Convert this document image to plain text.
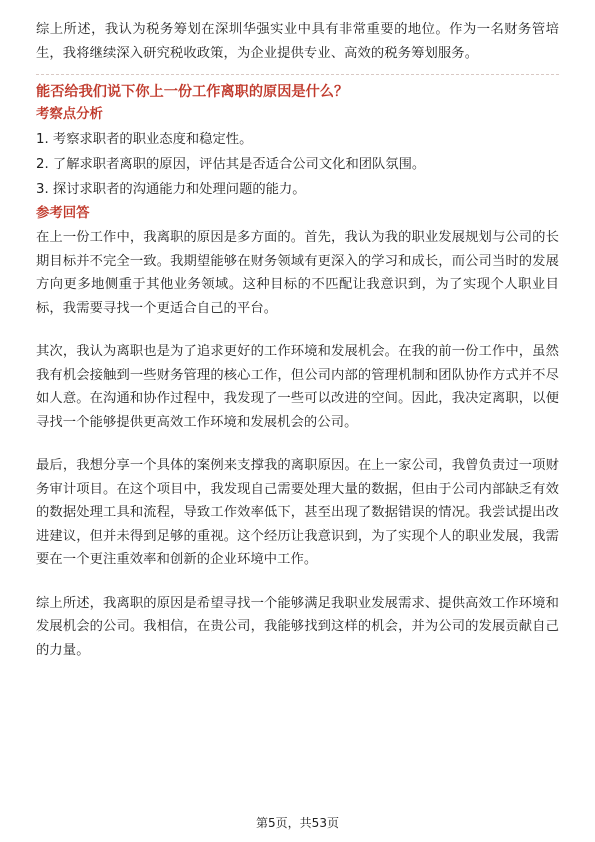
综上所述，我认为税务筹划在深圳华强实业中具有非常重要的地位。作为一名财务管培生，我将继续深入研究税收政策，为企业提供专业、高效的税务筹划服务。

能否给我们说下你上一份工作离职的原因是什么？

考察点分析

1. 考察求职者的职业态度和稳定性。
2. 了解求职者离职的原因，评估其是否适合公司文化和团队氛围。
3. 探讨求职者的沟通能力和处理问题的能力。

参考回答

在上一份工作中，我离职的原因是多方面的。首先，我认为我的职业发展规划与公司的长期目标并不完全一致。我期望能够在财务领域有更深入的学习和成长，而公司当时的发展方向更多地侧重于其他业务领域。这种目标的不匹配让我意识到，为了实现个人职业目标，我需要寻找一个更适合自己的平台。

其次，我认为离职也是为了追求更好的工作环境和发展机会。在我的前一份工作中，虽然我有机会接触到一些财务管理的核心工作，但公司内部的管理机制和团队协作方式并不尽如人意。在沟通和协作过程中，我发现了一些可以改进的空间。因此，我决定离职，以便寻找一个能够提供更高效工作环境和发展机会的公司。

最后，我想分享一个具体的案例来支撑我的离职原因。在上一家公司，我曾负责过一项财务审计项目。在这个项目中，我发现自己需要处理大量的数据，但由于公司内部缺乏有效的数据处理工具和流程，导致工作效率低下，甚至出现了数据错误的情况。我尝试提出改进建议，但并未得到足够的重视。这个经历让我意识到，为了实现个人的职业发展，我需要在一个更注重效率和创新的企业环境中工作。

综上所述，我离职的原因是希望寻找一个能够满足我职业发展需求、提供高效工作环境和发展机会的公司。我相信，在贵公司，我能够找到这样的机会，并为公司的发展贡献自己的力量。

第5页，共53页
